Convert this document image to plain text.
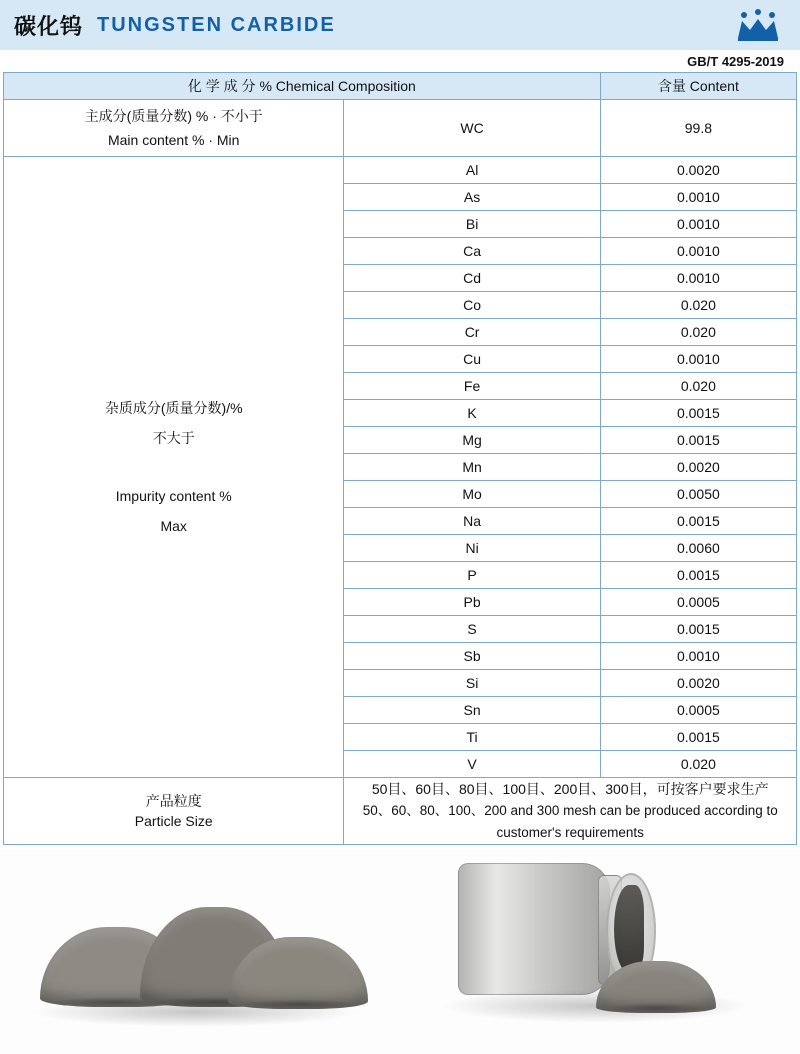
碳化钨 TUNGSTEN CARBIDE
GB/T 4295-2019
化 学 成 分 % Chemical Composition		含量 Content

主成分(质量分数) % · 不小于
Main content % · Min	WC	99.8

杂质成分(质量分数)/%
不大于
Impurity content %
Max	Al	0.0020
	As	0.0010
	Bi	0.0010
	Ca	0.0010
	Cd	0.0010
	Co	0.020
	Cr	0.020
	Cu	0.0010
	Fe	0.020
	K	0.0015
	Mg	0.0015
	Mn	0.0020
	Mo	0.0050
	Na	0.0015
	Ni	0.0060
	P	0.0015
	Pb	0.0005
	S	0.0015
	Sb	0.0010
	Si	0.0020
	Sn	0.0005
	Ti	0.0015
	V	0.020

产品粒度
Particle Size

50目、60目、80目、100目、200目、300目，可按客户要求生产
50、60、80、100、200 and 300 mesh can be produced according to customer's requirements
